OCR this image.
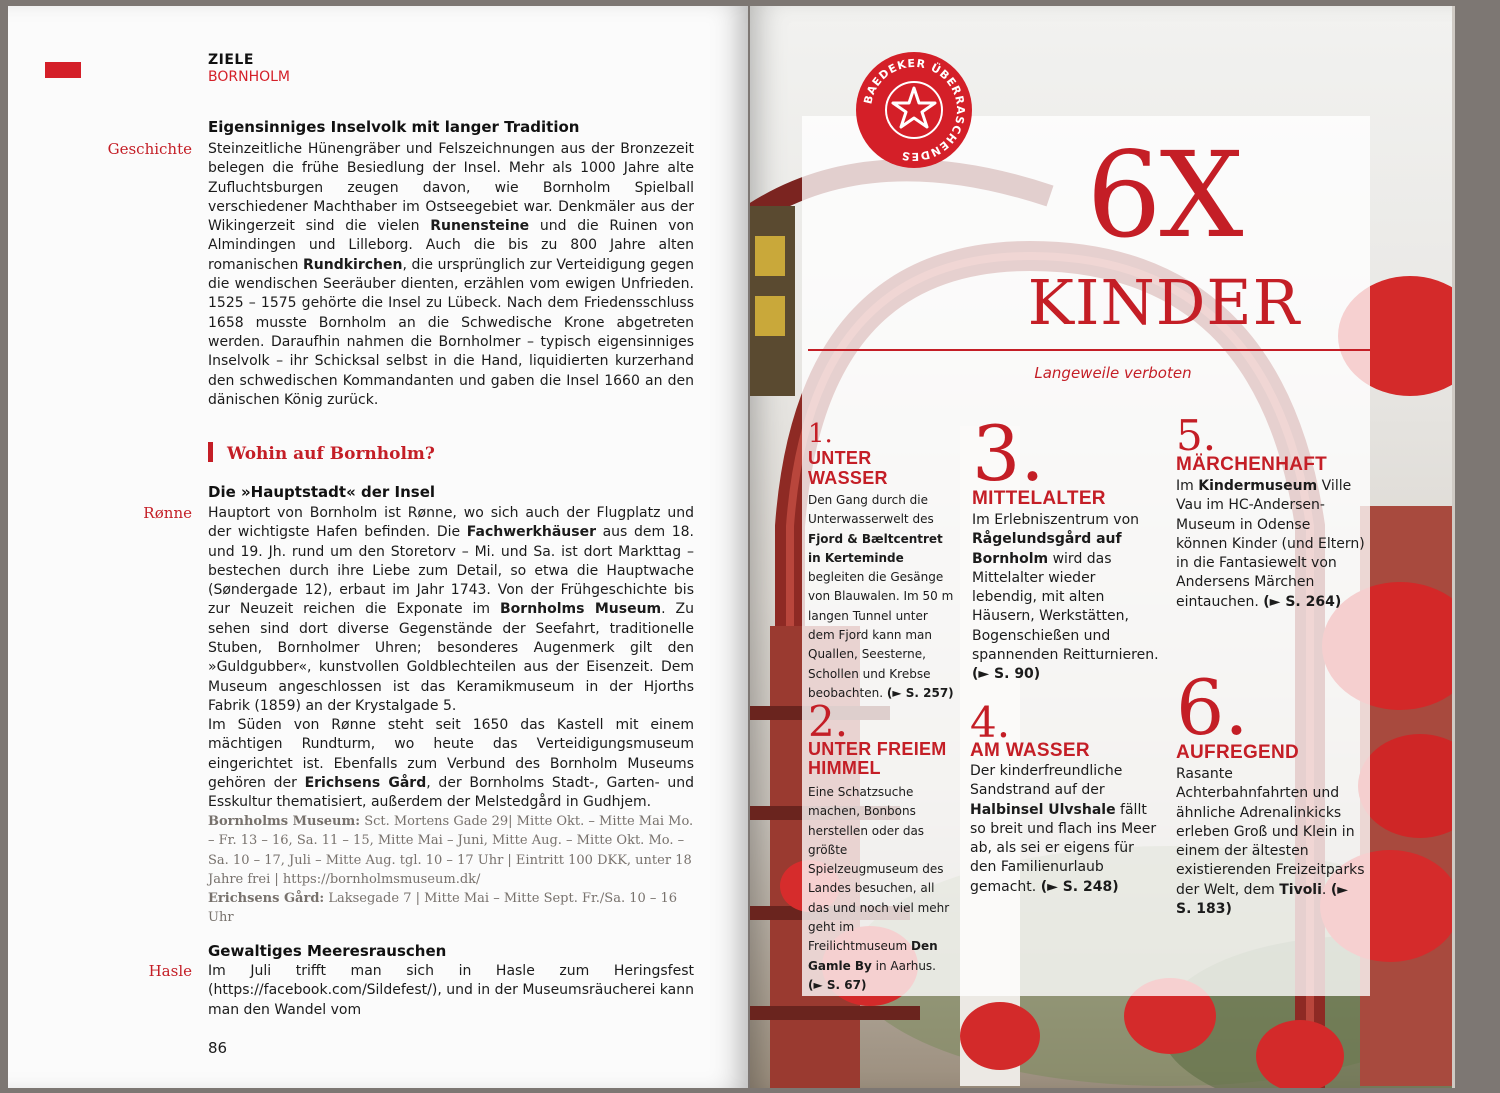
ZIELE
BORNHOLM
Eigensinniges Inselvolk mit langer Tradition
Geschichte Steinzeitliche Hünengräber und Felszeichnungen aus der Bronzezeit belegen die frühe Besiedlung der Insel. Mehr als 1000 Jahre alte Zufluchtsburgen zeugen davon, wie Bornholm Spielball verschiedener Machthaber im Ostseegebiet war. Denkmäler aus der Wikingerzeit sind die vielen Runensteine und die Ruinen von Almindingen und Lilleborg. Auch die bis zu 800 Jahre alten romanischen Rundkirchen, die ursprünglich zur Verteidigung gegen die wendischen Seeräuber dienten, erzählen vom ewigen Unfrieden. 1525 – 1575 gehörte die Insel zu Lübeck. Nach dem Friedensschluss 1658 musste Bornholm an die Schwedische Krone abgetreten werden. Daraufhin nahmen die Bornholmer – typisch eigensinniges Inselvolk – ihr Schicksal selbst in die Hand, liquidierten kurzerhand den schwedischen Kommandanten und gaben die Insel 1660 an den dänischen König zurück.

Wohin auf Bornholm?
Die »Hauptstadt« der Insel
Rønne Hauptort von Bornholm ist Rønne, wo sich auch der Flugplatz und der wichtigste Hafen befinden. Die Fachwerkhäuser aus dem 18. und 19. Jh. rund um den Storetorv – Mi. und Sa. ist dort Markttag – bestechen durch ihre Liebe zum Detail, so etwa die Hauptwache (Søndergade 12), erbaut im Jahr 1743. Von der Frühgeschichte bis zur Neuzeit reichen die Exponate im Bornholms Museum. Zu sehen sind dort diverse Gegenstände der Seefahrt, traditionelle Stuben, Bornholmer Uhren; besonderes Augenmerk gilt den »Guldgubber«, kunstvollen Goldblechteilen aus der Eisenzeit. Dem Museum angeschlossen ist das Keramikmuseum in der Hjorths Fabrik (1859) an der Krystalgade 5.

Im Süden von Rønne steht seit 1650 das Kastell mit einem mächtigen Rundturm, wo heute das Verteidigungsmuseum eingerichtet ist. Ebenfalls zum Verbund des Bornholm Museums gehören der Erichsens Gård, der Bornholms Stadt-, Garten- und Esskultur thematisiert, außerdem der Melstedgård in Gudhjem.

Bornholms Museum: Sct. Mortens Gade 29| Mitte Okt. – Mitte Mai Mo. – Fr. 13 – 16, Sa. 11 – 15, Mitte Mai – Juni, Mitte Aug. – Mitte Okt. Mo. – Sa. 10 – 17, Juli – Mitte Aug. tgl. 10 – 17 Uhr | Eintritt 100 DKK, unter 18 Jahre frei | https://bornholmsmuseum.dk/
Erichsens Gård: Laksegade 7 | Mitte Mai – Mitte Sept. Fr./Sa. 10 – 16 Uhr

Gewaltiges Meeresrauschen
Hasle Im Juli trifft man sich in Hasle zum Heringsfest (https://facebook.com/Sildefest/), und in der Museumsräucherei kann man den Wandel vom

86
BAEDEKER ÜBERRASCHENDES	6X
KINDER
Langeweile verboten
1.
UNTER WASSER

Den Gang durch die Unterwasserwelt des Fjord & Bæltcentret in Kerteminde begleiten die Gesänge von Blauwalen. Im 50 m langen Tunnel unter dem Fjord kann man Quallen, Seesterne, Schollen und Krebse beobachten. (► S. 257)

2.
UNTER FREIEM HIMMEL

Eine Schatzsuche machen, Bonbons herstellen oder das größte Spielzeugmuseum des Landes besuchen, all das und noch viel mehr geht im Freilichtmuseum Den Gamle By in Aarhus. (► S. 67)

3.
MITTELALTER

Im Erlebniszentrum von Rågelundsgård auf Bornholm wird das Mittelalter wieder lebendig, mit alten Häusern, Werkstätten, Bogenschießen und spannenden Reitturnieren. (► S. 90)

4.
AM WASSER

Der kinderfreundliche Sandstrand auf der Halbinsel Ulvshale fällt so breit und flach ins Meer ab, als sei er eigens für den Familienurlaub gemacht. (► S. 248)

5.
MÄRCHENHAFT

Im Kindermuseum Ville Vau im HC-Andersen-Museum in Odense können Kinder (und Eltern) in die Fantasiewelt von Andersens Märchen eintauchen. (► S. 264)

6.
AUFREGEND

Rasante Achterbahnfahrten und ähnliche Adrenalinkicks erleben Groß und Klein in einem der ältesten existierenden Freizeitparks der Welt, dem Tivoli. (► S. 183)
